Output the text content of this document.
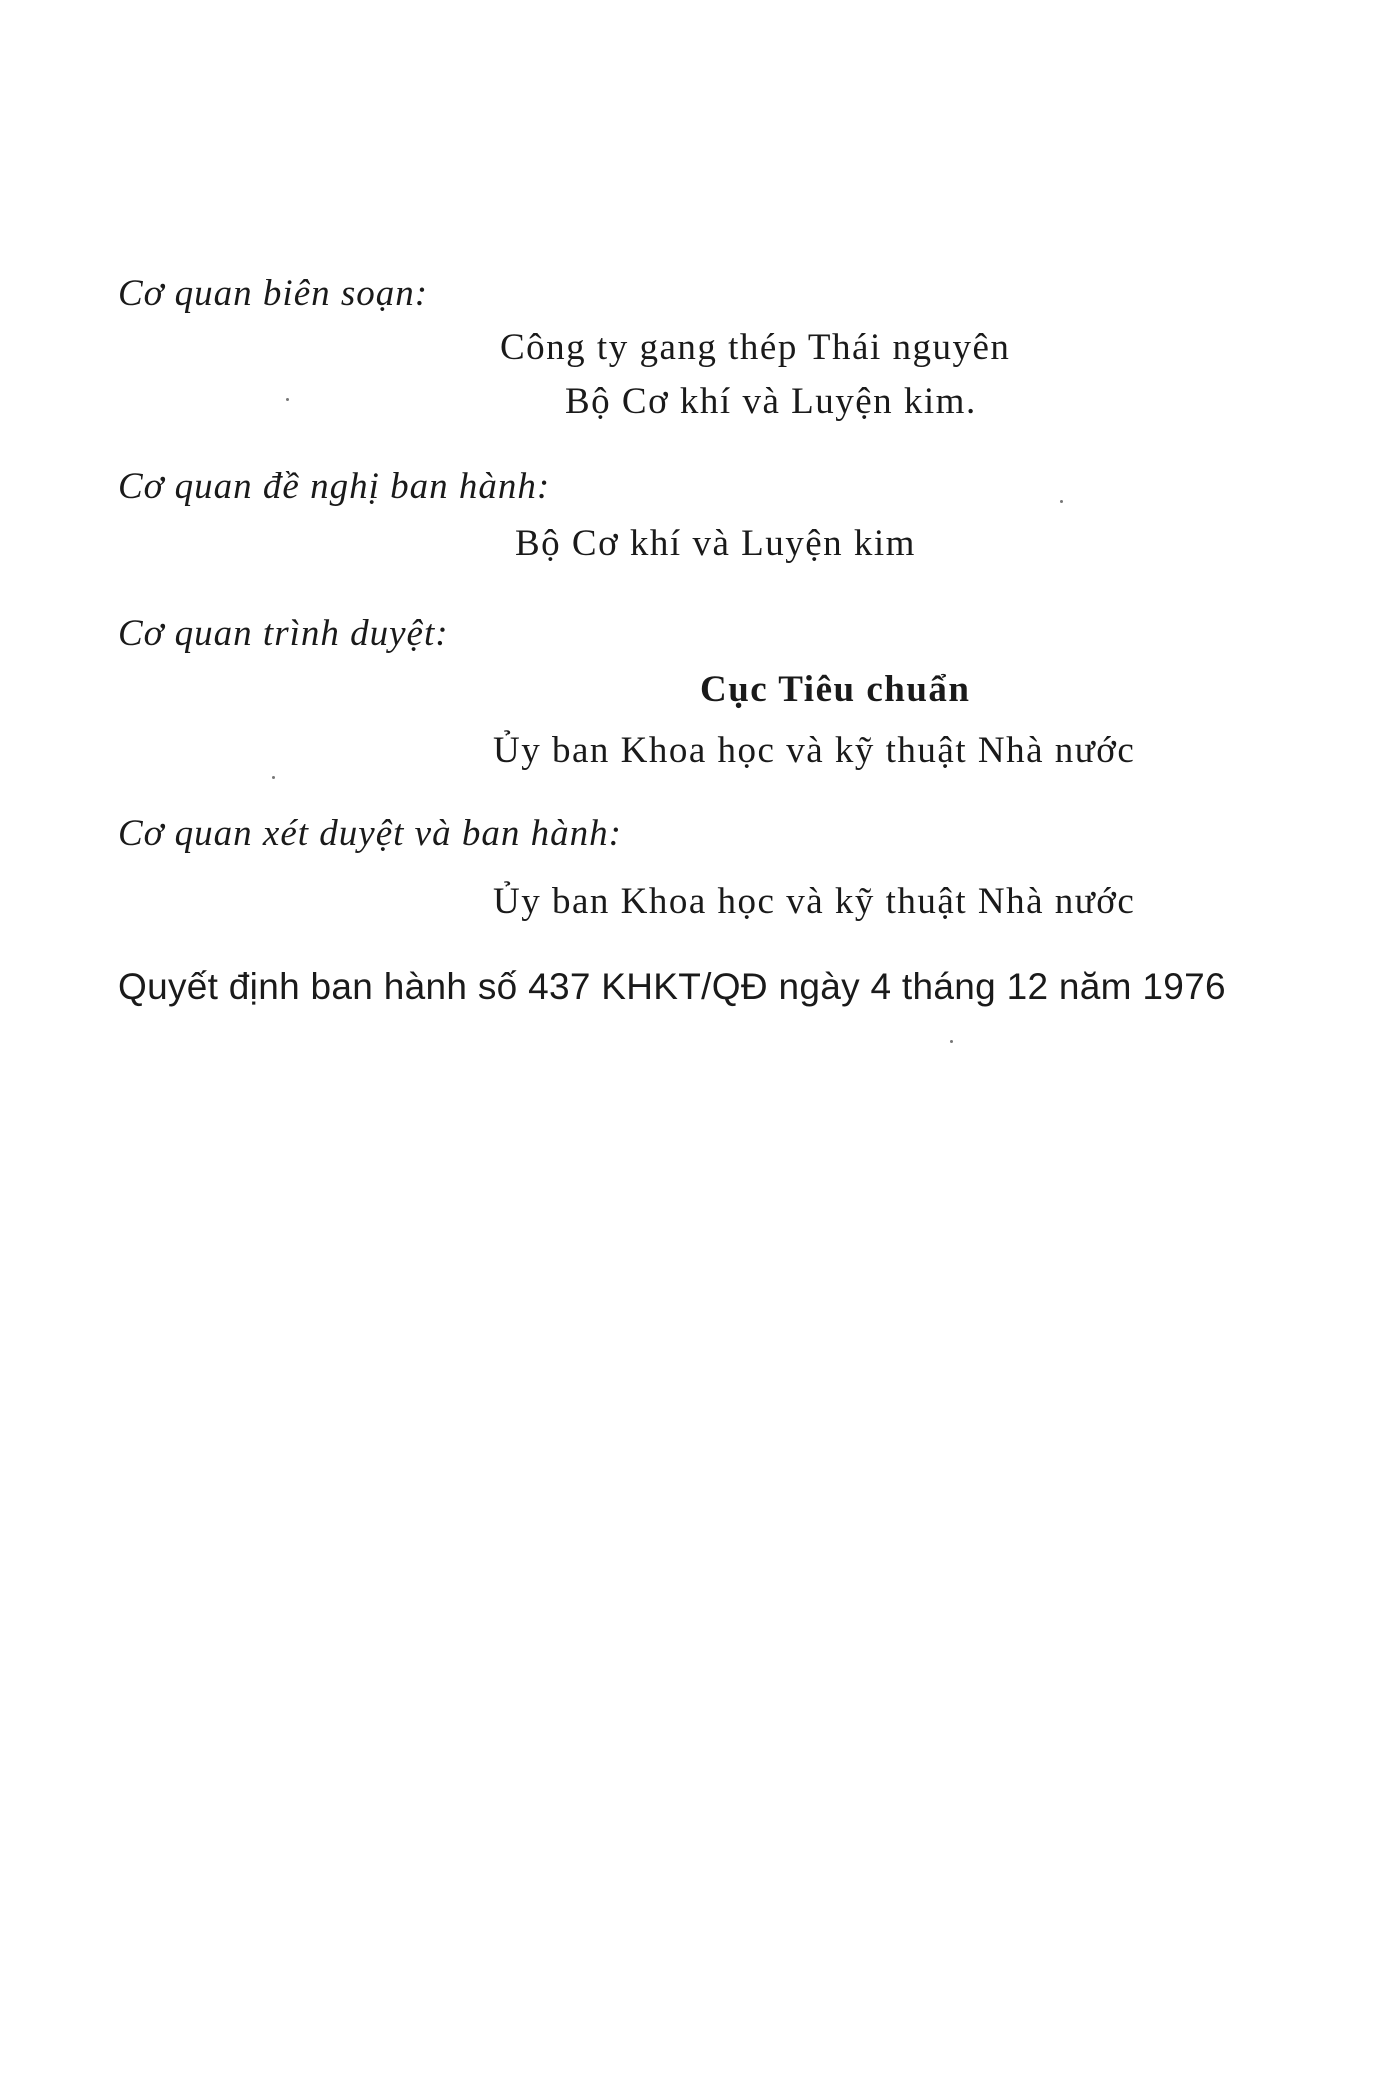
Cơ quan biên soạn:
Công ty gang thép Thái nguyên
Bộ Cơ khí và Luyện kim.
Cơ quan đề nghị ban hành:
Bộ Cơ khí và Luyện kim
Cơ quan trình duyệt:
Cục Tiêu chuẩn
Ủy ban Khoa học và kỹ thuật Nhà nước
Cơ quan xét duyệt và ban hành:
Ủy ban Khoa học và kỹ thuật Nhà nước
Quyết định ban hành số 437 KHKT/QĐ ngày 4 tháng 12 năm 1976
